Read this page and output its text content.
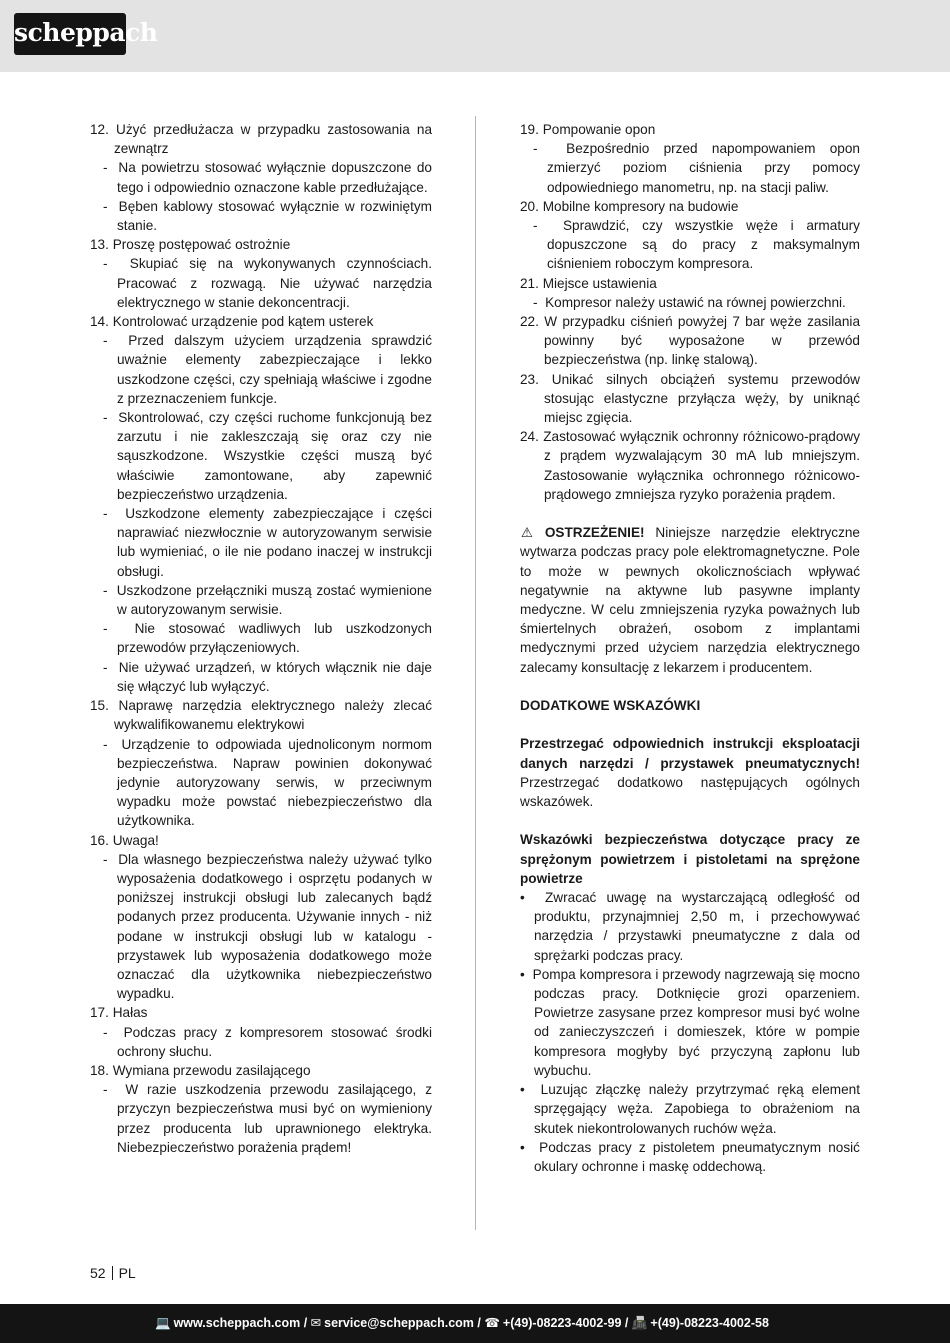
scheppach
12. Użyć przedłużacza w przypadku zastosowania na zewnątrz
-  Na powietrzu stosować wyłącznie dopuszczone do tego i odpowiednio oznaczone kable przedłużające.
-  Bęben kablowy stosować wyłącznie w rozwiniętym stanie.
13. Proszę postępować ostrożnie
-  Skupiać się na wykonywanych czynnościach. Pracować z rozwagą. Nie używać narzędzia elektrycznego w stanie dekoncentracji.
14. Kontrolować urządzenie pod kątem usterek
-  Przed dalszym użyciem urządzenia sprawdzić uważnie elementy zabezpieczające i lekko uszkodzone części, czy spełniają właściwe i zgodne z przeznaczeniem funkcje.
-  Skontrolować, czy części ruchome funkcjonują bez zarzutu i nie zakleszczają się oraz czy nie sąuszkodzone. Wszystkie części muszą być właściwie zamontowane, aby zapewnić bezpieczeństwo urządzenia.
-  Uszkodzone elementy zabezpieczające i części naprawiać niezwłocznie w autoryzowanym serwisie lub wymieniać, o ile nie podano inaczej w instrukcji obsługi.
-  Uszkodzone przełączniki muszą zostać wymienione w autoryzowanym serwisie.
-  Nie stosować wadliwych lub uszkodzonych przewodów przyłączeniowych.
-  Nie używać urządzeń, w których włącznik nie daje się włączyć lub wyłączyć.
15. Naprawę narzędzia elektrycznego należy zlecać wykwalifikowanemu elektrykowi
-  Urządzenie to odpowiada ujednoliconym normom bezpieczeństwa. Napraw powinien dokonywać jedynie autoryzowany serwis, w przeciwnym wypadku może powstać niebezpieczeństwo dla użytkownika.
16. Uwaga!
-  Dla własnego bezpieczeństwa należy używać tylko wyposażenia dodatkowego i osprzętu podanych w poniższej instrukcji obsługi lub zalecanych bądź podanych przez producenta. Używanie innych - niż podane w instrukcji obsługi lub w katalogu - przystawek lub wyposażenia dodatkowego może oznaczać dla użytkownika niebezpieczeństwo wypadku.
17. Hałas
-  Podczas pracy z kompresorem stosować środki ochrony słuchu.
18. Wymiana przewodu zasilającego
-  W razie uszkodzenia przewodu zasilającego, z przyczyn bezpieczeństwa musi być on wymieniony przez producenta lub uprawnionego elektryka. Niebezpieczeństwo porażenia prądem!
19. Pompowanie opon
-  Bezpośrednio przed napompowaniem opon zmierzyć poziom ciśnienia przy pomocy odpowiedniego manometru, np. na stacji paliw.
20. Mobilne kompresory na budowie
-  Sprawdzić, czy wszystkie węże i armatury dopuszczone są do pracy z maksymalnym ciśnieniem roboczym kompresora.
21. Miejsce ustawienia
-  Kompresor należy ustawić na równej powierzchni.
22. W przypadku ciśnień powyżej 7 bar węże zasilania powinny być wyposażone w przewód bezpieczeństwa (np. linkę stalową).
23. Unikać silnych obciążeń systemu przewodów stosując elastyczne przyłącza węży, by uniknąć miejsc zgięcia.
24. Zastosować wyłącznik ochronny różnicowo-prądowy z prądem wyzwalającym 30 mA lub mniejszym. Zastosowanie wyłącznika ochronnego różnicowo-prądowego zmniejsza ryzyko porażenia prądem.
⚠ OSTRZEŻENIE! Niniejsze narzędzie elektryczne wytwarza podczas pracy pole elektromagnetyczne. Pole to może w pewnych okolicznościach wpływać negatywnie na aktywne lub pasywne implanty medyczne. W celu zmniejszenia ryzyka poważnych lub śmiertelnych obrażeń, osobom z implantami medycznymi przed użyciem narzędzia elektrycznego zalecamy konsultację z lekarzem i producentem.
DODATKOWE WSKAZÓWKI
Przestrzegać odpowiednich instrukcji eksploatacji danych narzędzi / przystawek pneumatycznych! Przestrzegać dodatkowo następujących ogólnych wskazówek.
Wskazówki bezpieczeństwa dotyczące pracy ze sprężonym powietrzem i pistoletami na sprężone powietrze
•  Zwracać uwagę na wystarczającą odległość od produktu, przynajmniej 2,50 m, i przechowywać narzędzia / przystawki pneumatyczne z dala od sprężarki podczas pracy.
•  Pompa kompresora i przewody nagrzewają się mocno podczas pracy. Dotknięcie grozi oparzeniem. Powietrze zasysane przez kompresor musi być wolne od zanieczyszczeń i domieszek, które w pompie kompresora mogłyby być przyczyną zapłonu lub wybuchu.
•  Luzując złączkę należy przytrzymać ręką element sprzęgający węża. Zapobiega to obrażeniom na skutek niekontrolowanych ruchów węża.
•  Podczas pracy z pistoletem pneumatycznym nosić okulary ochronne i maskę oddechową.
52 PL
💻 www.scheppach.com / ✉ service@scheppach.com / ☎ +(49)-08223-4002-99 / 📠 +(49)-08223-4002-58
